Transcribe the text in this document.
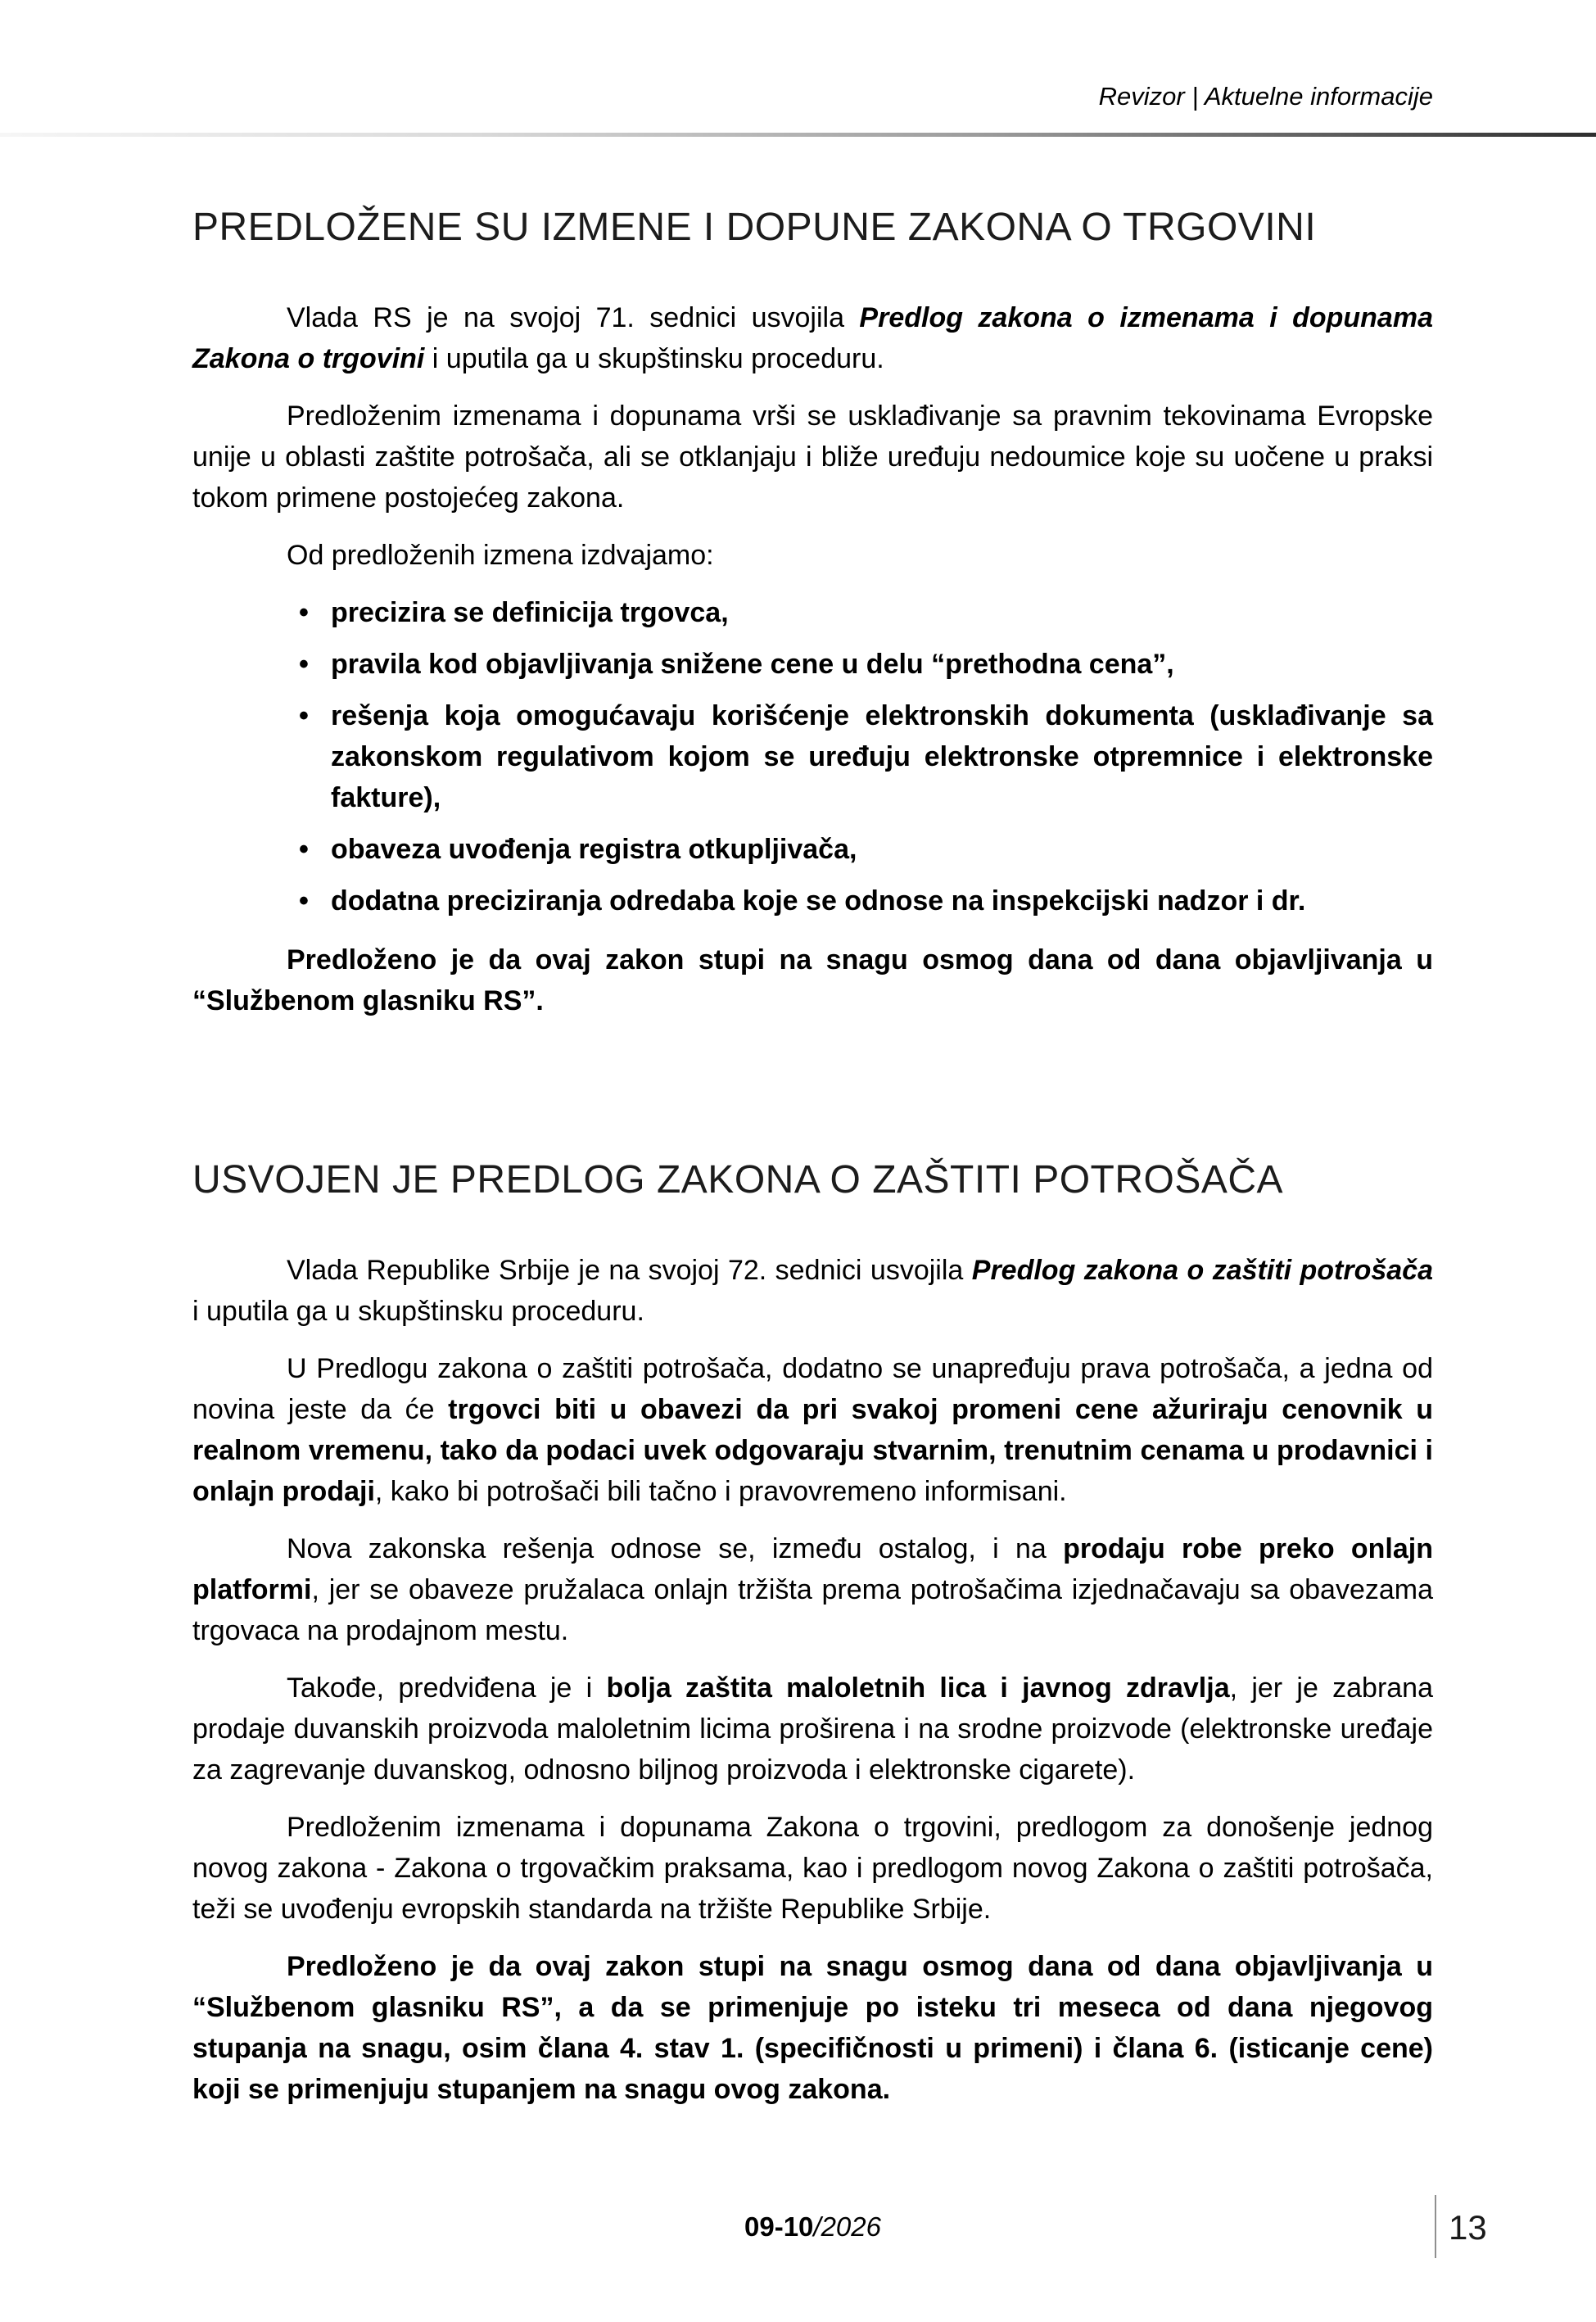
Revizor | Aktuelne informacije
PREDLOŽENE SU IZMENE I DOPUNE ZAKONA O TRGOVINI

Vlada RS je na svojoj 71. sednici usvojila Predlog zakona o izmenama i dopunama Zakona o trgovini i uputila ga u skupštinsku proceduru.

Predloženim izmenama i dopunama vrši se usklađivanje sa pravnim tekovinama Evropske unije u oblasti zaštite potrošača, ali se otklanjaju i bliže uređuju nedoumice koje su uočene u praksi tokom primene postojećeg zakona.

Od predloženih izmena izdvajamo:

• precizira se definicija trgovca,
• pravila kod objavljivanja snižene cene u delu “prethodna cena”,
• rešenja koja omogućavaju korišćenje elektronskih dokumenta (usklađivanje sa zakonskom regulativom kojom se uređuju elektronske otpremnice i elektronske fakture),
• obaveza uvođenja registra otkupljivača,
• dodatna preciziranja odredaba koje se odnose na inspekcijski nadzor i dr.

Predloženo je da ovaj zakon stupi na snagu osmog dana od dana objavljivanja u “Službenom glasniku RS”.

USVOJEN JE PREDLOG ZAKONA O ZAŠTITI POTROŠAČA

Vlada Republike Srbije je na svojoj 72. sednici usvojila Predlog zakona o zaštiti potrošača i uputila ga u skupštinsku proceduru.

U Predlogu zakona o zaštiti potrošača, dodatno se unapređuju prava potrošača, a jedna od novina jeste da će trgovci biti u obavezi da pri svakoj promeni cene ažuriraju cenovnik u realnom vremenu, tako da podaci uvek odgovaraju stvarnim, trenutnim cenama u prodavnici i onlajn prodaji, kako bi potrošači bili tačno i pravovremeno informisani.

Nova zakonska rešenja odnose se, između ostalog, i na prodaju robe preko onlajn platformi, jer se obaveze pružalaca onlajn tržišta prema potrošačima izjednačavaju sa obavezama trgovaca na prodajnom mestu.

Takođe, predviđena je i bolja zaštita maloletnih lica i javnog zdravlja, jer je zabrana prodaje duvanskih proizvoda maloletnim licima proširena i na srodne proizvode (elektronske uređaje za zagrevanje duvanskog, odnosno biljnog proizvoda i elektronske cigarete).

Predloženim izmenama i dopunama Zakona o trgovini, predlogom za donošenje jednog novog zakona - Zakona o trgovačkim praksama, kao i predlogom novog Zakona o zaštiti potrošača, teži se uvođenju evropskih standarda na tržište Republike Srbije.

Predloženo je da ovaj zakon stupi na snagu osmog dana od dana objavljivanja u “Službenom glasniku RS”, a da se primenjuje po isteku tri meseca od dana njegovog stupanja na snagu, osim člana 4. stav 1. (specifičnosti u primeni) i člana 6. (isticanje cene) koji se primenjuju stupanjem na snagu ovog zakona.

09-10/2026	13
